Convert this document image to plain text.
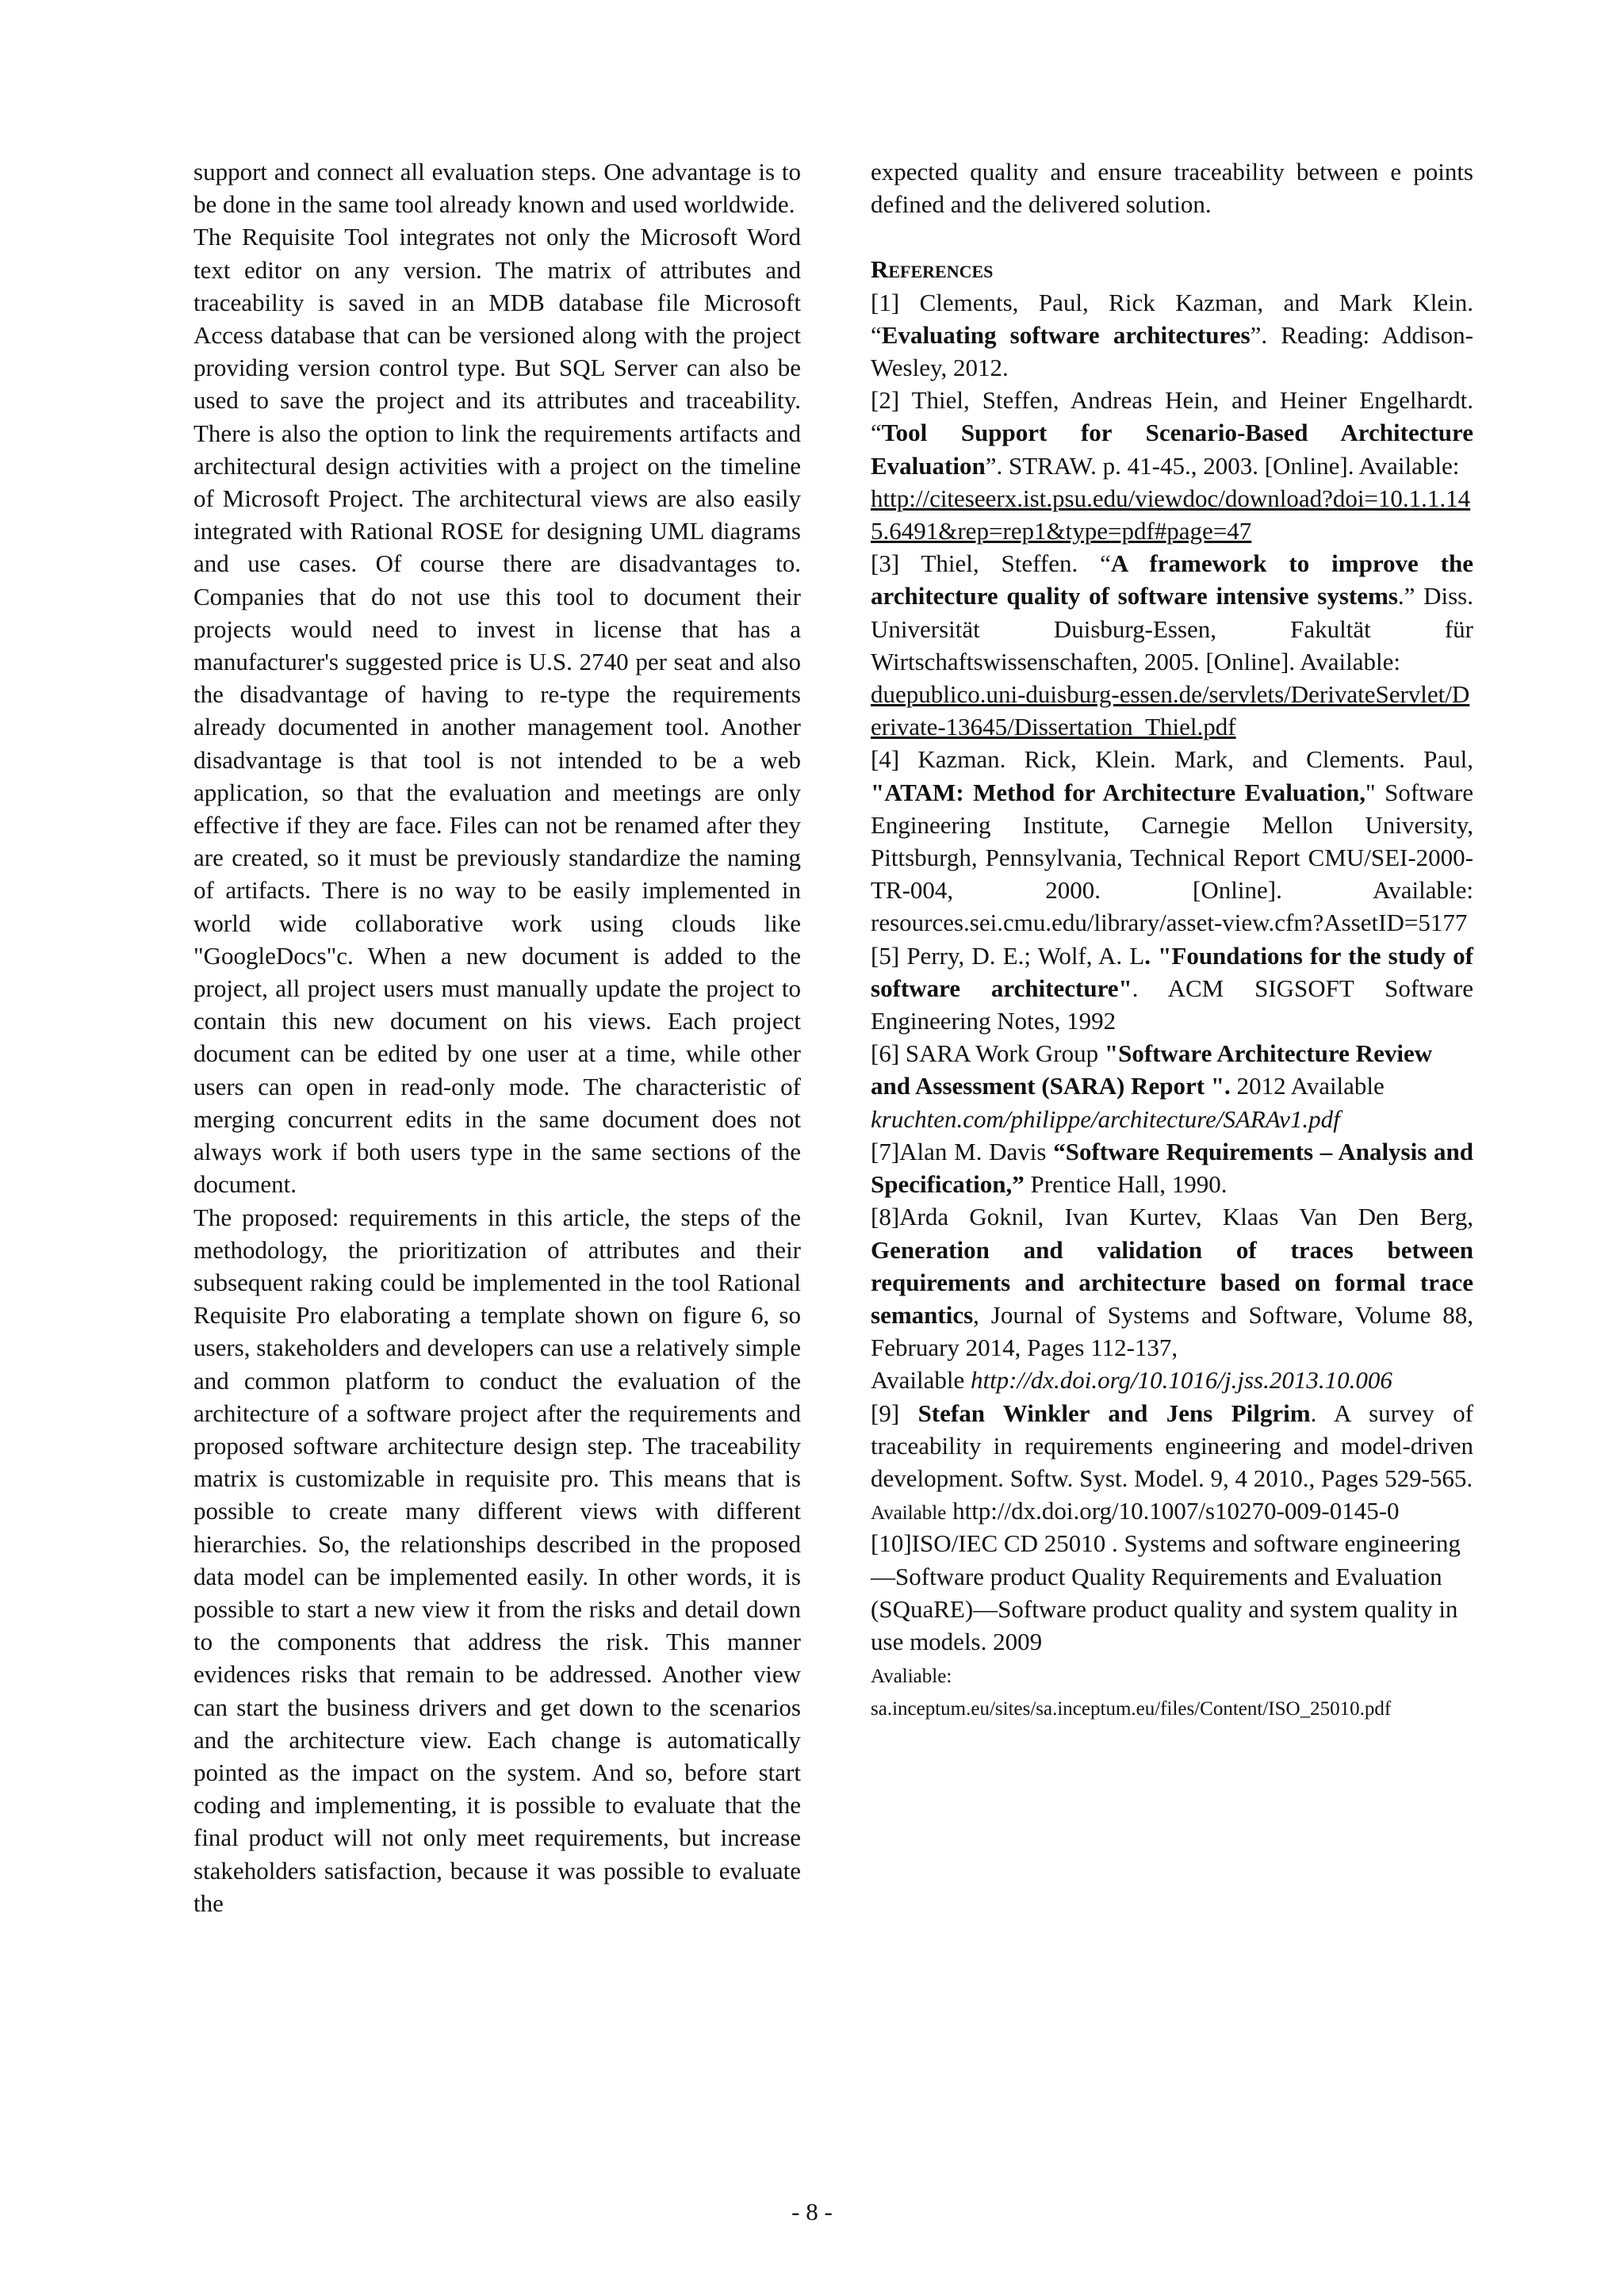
support and connect all evaluation steps. One advantage is to be done in the same tool already known and used worldwide.

The Requisite Tool integrates not only the Microsoft Word text editor on any version. The matrix of attributes and traceability is saved in an MDB database file Microsoft Access database that can be versioned along with the project providing version control type. But SQL Server can also be used to save the project and its attributes and traceability. There is also the option to link the requirements artifacts and architectural design activities with a project on the timeline of Microsoft Project. The architectural views are also easily integrated with Rational ROSE for designing UML diagrams and use cases. Of course there are disadvantages to. Companies that do not use this tool to document their projects would need to invest in license that has a manufacturer's suggested price is U.S. 2740 per seat and also the disadvantage of having to re-type the requirements already documented in another management tool. Another disadvantage is that tool is not intended to be a web application, so that the evaluation and meetings are only effective if they are face. Files can not be renamed after they are created, so it must be previously standardize the naming of artifacts. There is no way to be easily implemented in world wide collaborative work using clouds like "GoogleDocs"c. When a new document is added to the project, all project users must manually update the project to contain this new document on his views. Each project document can be edited by one user at a time, while other users can open in read-only mode. The characteristic of merging concurrent edits in the same document does not always work if both users type in the same sections of the document.

The proposed: requirements in this article, the steps of the methodology, the prioritization of attributes and their subsequent raking could be implemented in the tool Rational Requisite Pro elaborating a template shown on figure 6, so users, stakeholders and developers can use a relatively simple and common platform to conduct the evaluation of the architecture of a software project after the requirements and proposed software architecture design step. The traceability matrix is customizable in requisite pro. This means that is possible to create many different views with different hierarchies. So, the relationships described in the proposed data model can be implemented easily. In other words, it is possible to start a new view it from the risks and detail down to the components that address the risk. This manner evidences risks that remain to be addressed. Another view can start the business drivers and get down to the scenarios and the architecture view. Each change is automatically pointed as the impact on the system. And so, before start coding and implementing, it is possible to evaluate that the final product will not only meet requirements, but increase stakeholders satisfaction, because it was possible to evaluate the

expected quality and ensure traceability between e points defined and the delivered solution.

References

[1] Clements, Paul, Rick Kazman, and Mark Klein. “Evaluating software architectures”. Reading: Addison-Wesley, 2012.

[2] Thiel, Steffen, Andreas Hein, and Heiner Engelhardt. “Tool Support for Scenario-Based Architecture Evaluation”. STRAW. p. 41-45., 2003. [Online]. Available:
http://citeseerx.ist.psu.edu/viewdoc/download?doi=10.1.1.145.6491&rep=rep1&type=pdf#page=47

[3] Thiel, Steffen. “A framework to improve the architecture quality of software intensive systems.” Diss. Universität Duisburg-Essen, Fakultät für Wirtschaftswissenschaften, 2005. [Online]. Available:
duepublico.uni-duisburg-essen.de/servlets/DerivateServlet/Derivate-13645/Dissertation_Thiel.pdf

[4] Kazman. Rick, Klein. Mark, and Clements. Paul, "ATAM: Method for Architecture Evaluation," Software Engineering Institute, Carnegie Mellon University, Pittsburgh, Pennsylvania, Technical Report CMU/SEI-2000-TR-004, 2000. [Online]. Available: resources.sei.cmu.edu/library/asset-view.cfm?AssetID=5177

[5] Perry, D. E.; Wolf, A. L. "Foundations for the study of software architecture". ACM SIGSOFT Software Engineering Notes, 1992

[6] SARA Work Group "Software Architecture Review and Assessment (SARA) Report ". 2012 Available
kruchten.com/philippe/architecture/SARAv1.pdf

[7]Alan M. Davis “Software Requirements – Analysis and Specification,” Prentice Hall, 1990.

[8]Arda Goknil, Ivan Kurtev, Klaas Van Den Berg, Generation and validation of traces between requirements and architecture based on formal trace semantics, Journal of Systems and Software, Volume 88, February 2014, Pages 112-137,
Available http://dx.doi.org/10.1016/j.jss.2013.10.006

[9] Stefan Winkler and Jens Pilgrim. A survey of traceability in requirements engineering and model-driven development. Softw. Syst. Model. 9, 4 2010., Pages 529-565.
Available http://dx.doi.org/10.1007/s10270-009-0145-0

[10]ISO/IEC CD 25010 . Systems and software engineering—Software product Quality Requirements and Evaluation (SQuaRE)—Software product quality and system quality in use models. 2009
Avaliable:
sa.inceptum.eu/sites/sa.inceptum.eu/files/Content/ISO_25010.pdf

- 8 -
